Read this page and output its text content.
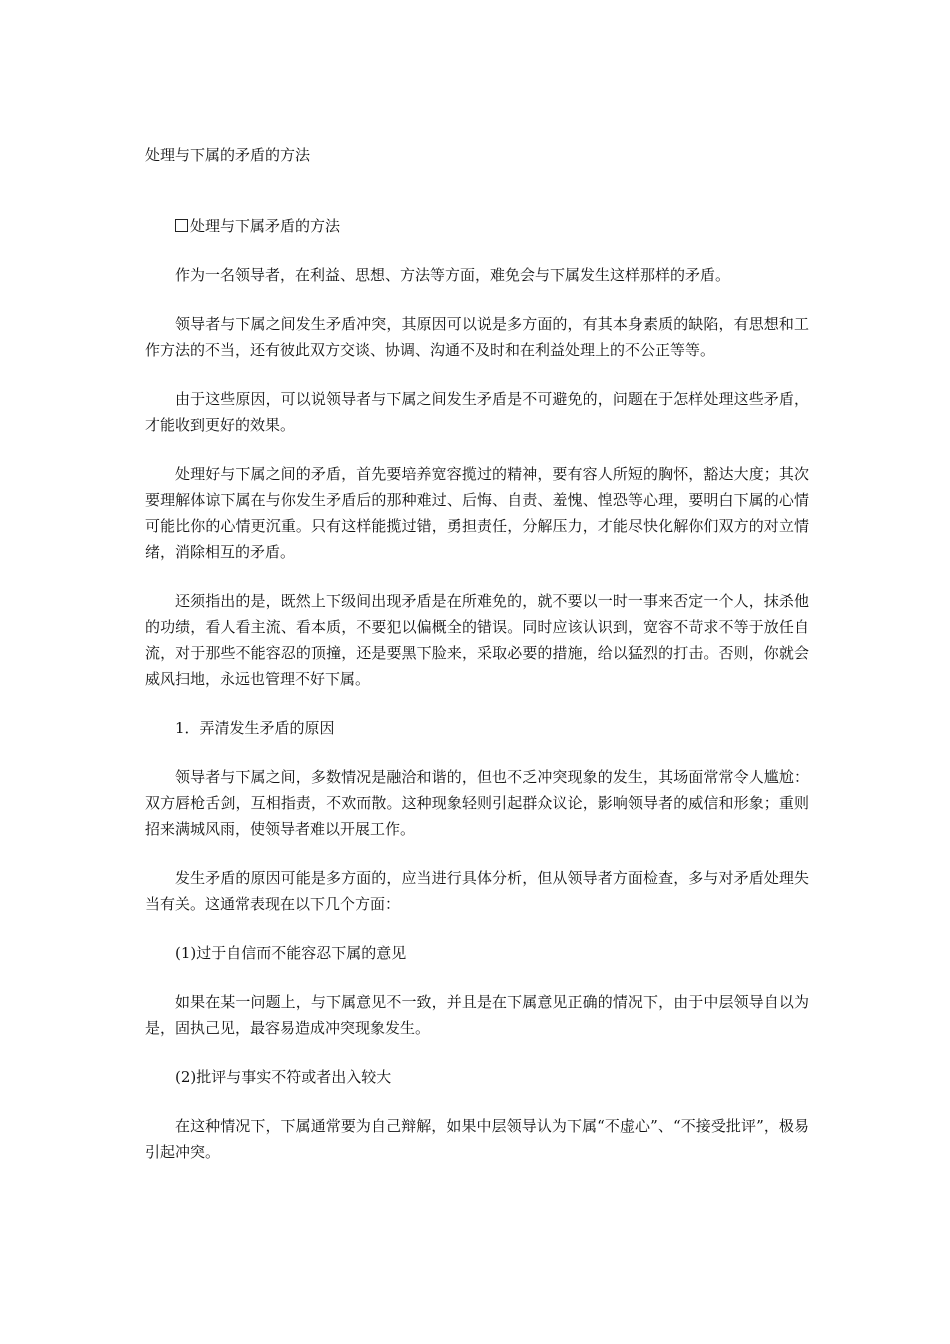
处理与下属的矛盾的方法
处理与下属矛盾的方法

作为一名领导者，在利益、思想、方法等方面，难免会与下属发生这样那样的矛盾。

领导者与下属之间发生矛盾冲突，其原因可以说是多方面的，有其本身素质的缺陷，有思想和工作方法的不当，还有彼此双方交谈、协调、沟通不及时和在利益处理上的不公正等等。

由于这些原因，可以说领导者与下属之间发生矛盾是不可避免的，问题在于怎样处理这些矛盾，才能收到更好的效果。

处理好与下属之间的矛盾，首先要培养宽容揽过的精神，要有容人所短的胸怀，豁达大度；其次要理解体谅下属在与你发生矛盾后的那种难过、后悔、自责、羞愧、惶恐等心理，要明白下属的心情可能比你的心情更沉重。只有这样能揽过错，勇担责任，分解压力，才能尽快化解你们双方的对立情绪，消除相互的矛盾。

还须指出的是，既然上下级间出现矛盾是在所难免的，就不要以一时一事来否定一个人，抹杀他的功绩，看人看主流、看本质，不要犯以偏概全的错误。同时应该认识到，宽容不苛求不等于放任自流，对于那些不能容忍的顶撞，还是要黑下脸来，采取必要的措施，给以猛烈的打击。否则，你就会威风扫地，永远也管理不好下属。

1．弄清发生矛盾的原因

领导者与下属之间，多数情况是融洽和谐的，但也不乏冲突现象的发生，其场面常常令人尴尬：双方唇枪舌剑，互相指责，不欢而散。这种现象轻则引起群众议论，影响领导者的威信和形象；重则招来满城风雨，使领导者难以开展工作。

发生矛盾的原因可能是多方面的，应当进行具体分析，但从领导者方面检查，多与对矛盾处理失当有关。这通常表现在以下几个方面：

(1)过于自信而不能容忍下属的意见

如果在某一问题上，与下属意见不一致，并且是在下属意见正确的情况下，由于中层领导自以为是，固执己见，最容易造成冲突现象发生。

(2)批评与事实不符或者出入较大

在这种情况下，下属通常要为自己辩解，如果中层领导认为下属“不虚心”、“不接受批评”，极易引起冲突。
